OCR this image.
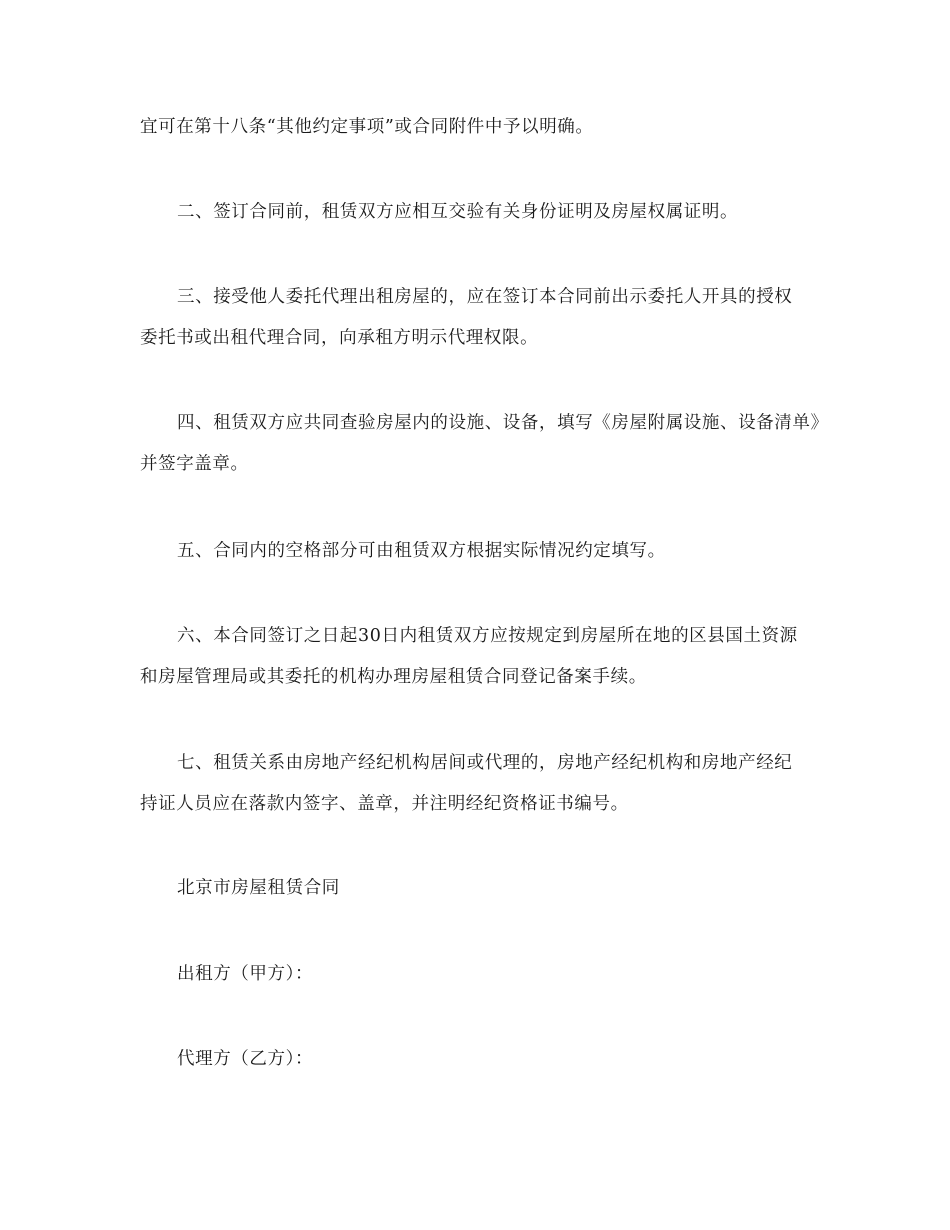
宜可在第十八条“其他约定事项”或合同附件中予以明确。
二、签订合同前，租赁双方应相互交验有关身份证明及房屋权属证明。
三、接受他人委托代理出租房屋的，应在签订本合同前出示委托人开具的授权
委托书或出租代理合同，向承租方明示代理权限。
四、租赁双方应共同查验房屋内的设施、设备，填写《房屋附属设施、设备清单》
并签字盖章。
五、合同内的空格部分可由租赁双方根据实际情况约定填写。
六、本合同签订之日起30日内租赁双方应按规定到房屋所在地的区县国土资源
和房屋管理局或其委托的机构办理房屋租赁合同登记备案手续。
七、租赁关系由房地产经纪机构居间或代理的，房地产经纪机构和房地产经纪
持证人员应在落款内签字、盖章，并注明经纪资格证书编号。
北京市房屋租赁合同
出租方（甲方）：
代理方（乙方）：
